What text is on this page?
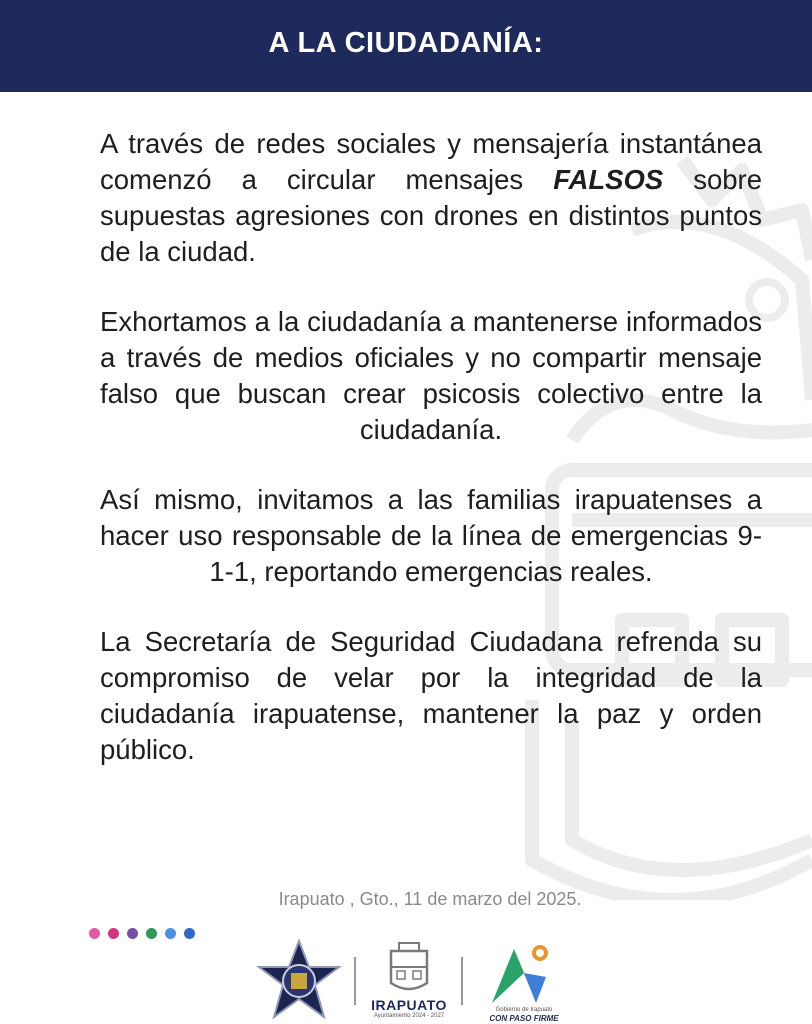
A LA CIUDADANÍA:

A través de redes sociales y mensajería instantánea comenzó a circular mensajes FALSOS sobre supuestas agresiones con drones en distintos puntos de la ciudad.

Exhortamos a la ciudadanía a mantenerse informados a través de medios oficiales y no compartir mensaje falso que buscan crear psicosis colectivo entre la ciudadanía.

Así mismo, invitamos a las familias irapuatenses a hacer uso responsable de la línea de emergencias 9-1-1, reportando emergencias reales.

La Secretaría de Seguridad Ciudadana refrenda su compromiso de velar por la integridad de la ciudadanía irapuatense, mantener la paz y orden público.

Irapuato , Gto., 11 de marzo del 2025.
IRAPUATO
Ayuntamiento 2024 - 2027
Gobierno de Irapuato
CON PASO FIRME
